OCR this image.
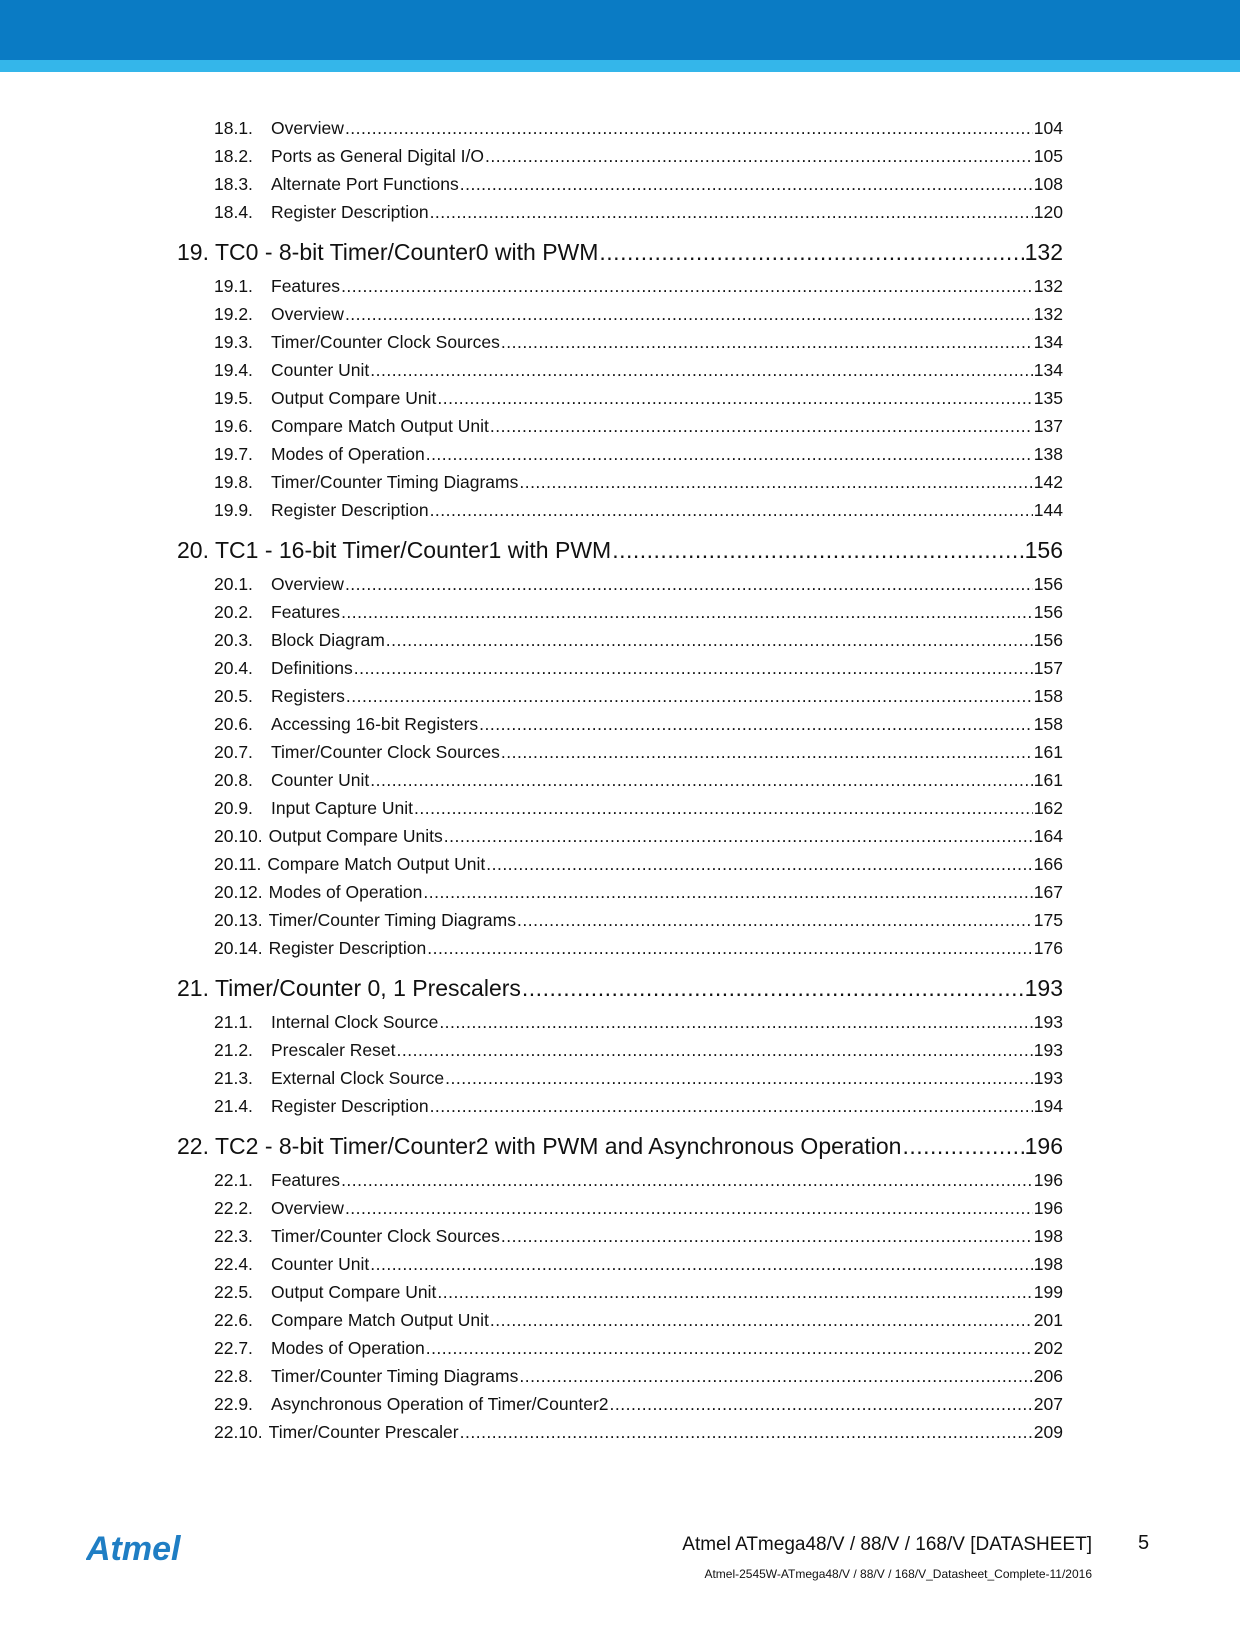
18.1.	Overview .....	104
18.2.	Ports as General Digital I/O .....	105
18.3.	Alternate Port Functions .....	108
18.4.	Register Description .....	120
19. TC0 - 8-bit Timer/Counter0 with PWM .....	132
19.1.	Features .....	132
19.2.	Overview .....	132
19.3.	Timer/Counter Clock Sources .....	134
19.4.	Counter Unit .....	134
19.5.	Output Compare Unit .....	135
19.6.	Compare Match Output Unit .....	137
19.7.	Modes of Operation .....	138
19.8.	Timer/Counter Timing Diagrams .....	142
19.9.	Register Description .....	144
20. TC1 - 16-bit Timer/Counter1 with PWM .....	156
20.1.	Overview .....	156
20.2.	Features .....	156
20.3.	Block Diagram .....	156
20.4.	Definitions .....	157
20.5.	Registers .....	158
20.6.	Accessing 16-bit Registers .....	158
20.7.	Timer/Counter Clock Sources .....	161
20.8.	Counter Unit .....	161
20.9.	Input Capture Unit .....	162
20.10. Output Compare Units .....	164
20.11. Compare Match Output Unit .....	166
20.12. Modes of Operation .....	167
20.13. Timer/Counter Timing Diagrams .....	175
20.14. Register Description .....	176
21. Timer/Counter 0, 1 Prescalers .....	193
21.1.	Internal Clock Source .....	193
21.2.	Prescaler Reset .....	193
21.3.	External Clock Source .....	193
21.4.	Register Description .....	194
22. TC2 - 8-bit Timer/Counter2 with PWM and Asynchronous Operation .....	196
22.1.	Features .....	196
22.2.	Overview .....	196
22.3.	Timer/Counter Clock Sources .....	198
22.4.	Counter Unit .....	198
22.5.	Output Compare Unit .....	199
22.6.	Compare Match Output Unit .....	201
22.7.	Modes of Operation .....	202
22.8.	Timer/Counter Timing Diagrams .....	206
22.9.	Asynchronous Operation of Timer/Counter2 .....	207
22.10. Timer/Counter Prescaler .....	209
Atmel	Atmel ATmega48/V / 88/V / 168/V [DATASHEET] 5
Atmel-2545W-ATmega48/V / 88/V / 168/V_Datasheet_Complete-11/2016
